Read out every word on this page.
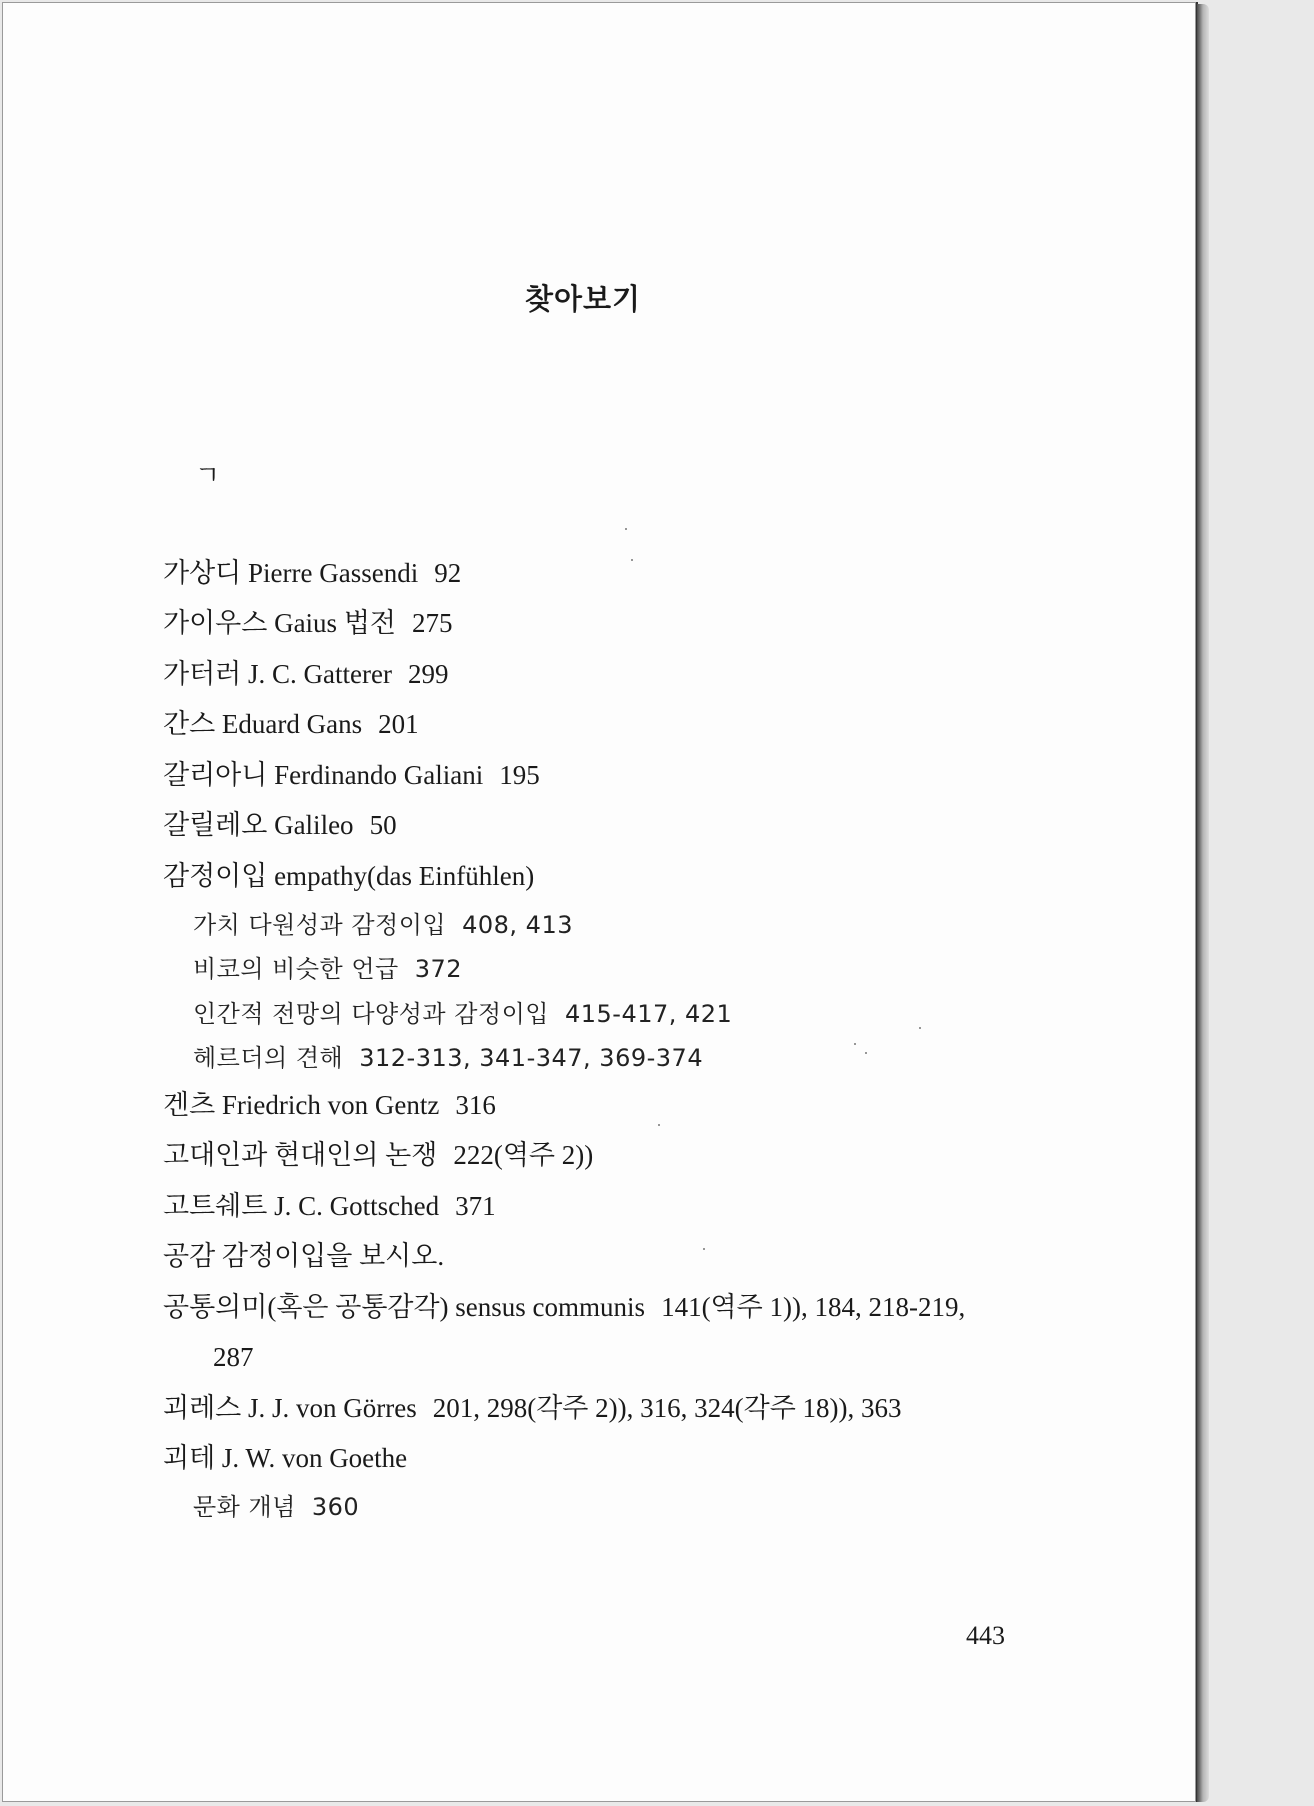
찾아보기
ㄱ
가상디 Pierre Gassendi 92
가이우스 Gaius 법전 275
가터러 J. C. Gatterer 299
간스 Eduard Gans 201
갈리아니 Ferdinando Galiani 195
갈릴레오 Galileo 50
감정이입 empathy(das Einfühlen)
가치 다원성과 감정이입 408, 413
비코의 비슷한 언급 372
인간적 전망의 다양성과 감정이입 415-417, 421
헤르더의 견해 312-313, 341-347, 369-374
겐츠 Friedrich von Gentz 316
고대인과 현대인의 논쟁 222(역주 2))
고트쉐트 J. C. Gottsched 371
공감 감정이입을 보시오.
공통의미(혹은 공통감각) sensus communis 141(역주 1)), 184, 218-219,
287
괴레스 J. J. von Görres 201, 298(각주 2)), 316, 324(각주 18)), 363
괴테 J. W. von Goethe
문화 개념 360
443
